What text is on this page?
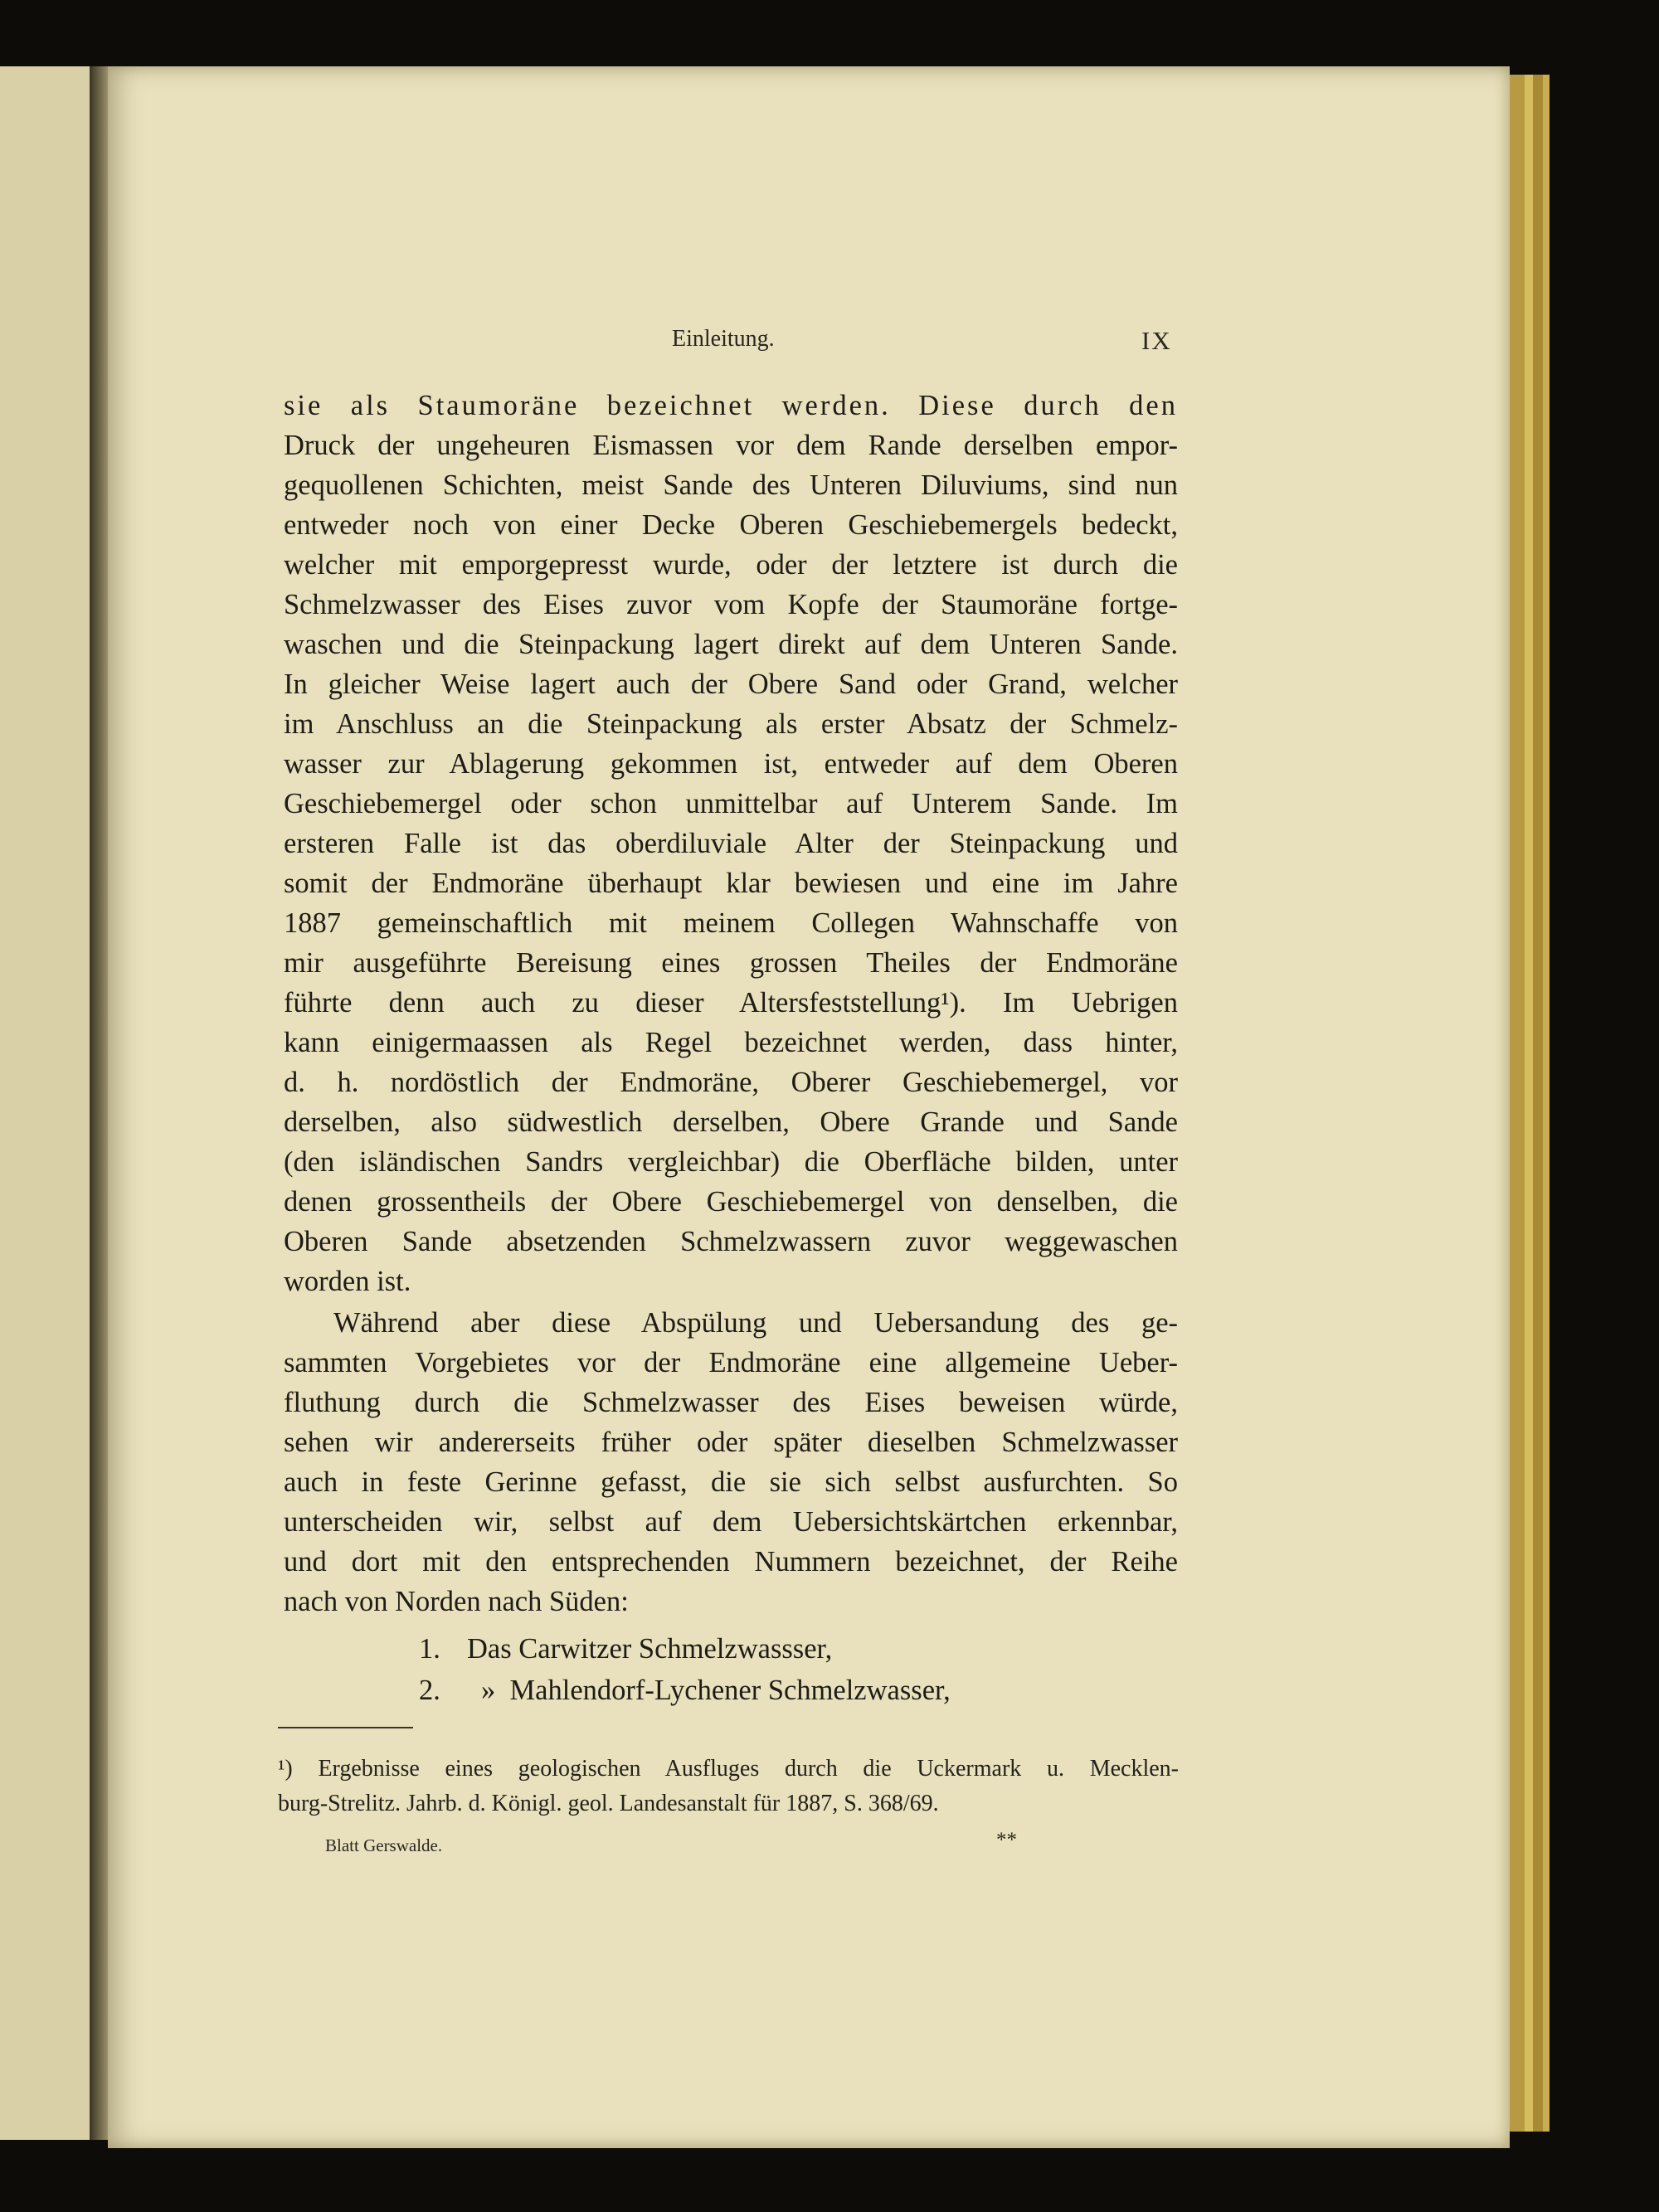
Einleitung.	IX
sie als Staumoräne bezeichnet werden. Diese durch den
Druck der ungeheuren Eismassen vor dem Rande derselben empor-
gequollenen Schichten, meist Sande des Unteren Diluviums, sind nun
entweder noch von einer Decke Oberen Geschiebemergels bedeckt,
welcher mit emporgepresst wurde, oder der letztere ist durch die
Schmelzwasser des Eises zuvor vom Kopfe der Staumoräne fortge-
waschen und die Steinpackung lagert direkt auf dem Unteren Sande.
In gleicher Weise lagert auch der Obere Sand oder Grand, welcher
im Anschluss an die Steinpackung als erster Absatz der Schmelz-
wasser zur Ablagerung gekommen ist, entweder auf dem Oberen
Geschiebemergel oder schon unmittelbar auf Unterem Sande. Im
ersteren Falle ist das oberdiluviale Alter der Steinpackung und
somit der Endmoräne überhaupt klar bewiesen und eine im Jahre
1887 gemeinschaftlich mit meinem Collegen Wahnschaffe von
mir ausgeführte Bereisung eines grossen Theiles der Endmoräne
führte denn auch zu dieser Altersfeststellung¹). Im Uebrigen
kann einigermaassen als Regel bezeichnet werden, dass hinter,
d. h. nordöstlich der Endmoräne, Oberer Geschiebemergel, vor
derselben, also südwestlich derselben, Obere Grande und Sande
(den isländischen Sandrs vergleichbar) die Oberfläche bilden, unter
denen grossentheils der Obere Geschiebemergel von denselben, die
Oberen Sande absetzenden Schmelzwassern zuvor weggewaschen
worden ist.
Während aber diese Abspülung und Uebersandung des ge-
sammten Vorgebietes vor der Endmoräne eine allgemeine Ueber-
fluthung durch die Schmelzwasser des Eises beweisen würde,
sehen wir andererseits früher oder später dieselben Schmelzwasser
auch in feste Gerinne gefasst, die sie sich selbst ausfurchten. So
unterscheiden wir, selbst auf dem Uebersichtskärtchen erkennbar,
und dort mit den entsprechenden Nummern bezeichnet, der Reihe
nach von Norden nach Süden:
1. Das Carwitzer Schmelzwassser,
2. »  Mahlendorf-Lychener Schmelzwasser,
¹) Ergebnisse eines geologischen Ausfluges durch die Uckermark u. Mecklen-
burg-Strelitz. Jahrb. d. Königl. geol. Landesanstalt für 1887, S. 368/69.
Blatt Gerswalde.	**
